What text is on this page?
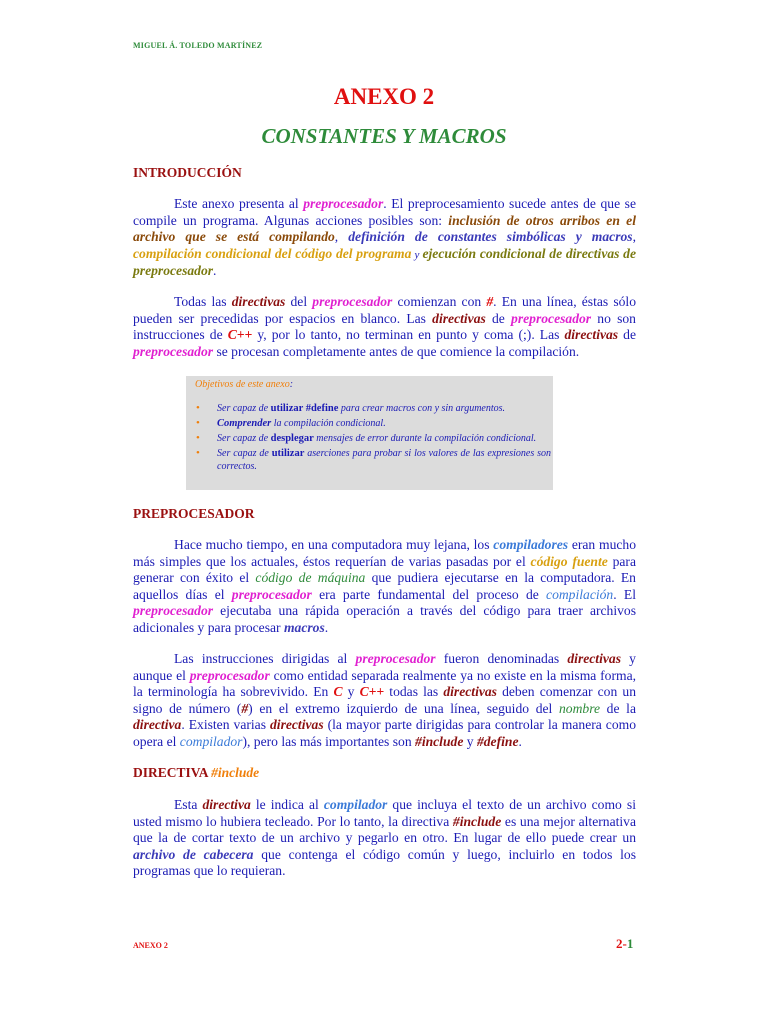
MIGUEL Á. TOLEDO MARTÍNEZ
ANEXO 2
CONSTANTES Y MACROS
INTRODUCCIÓN

Este anexo presenta al preprocesador. El preprocesamiento sucede antes de que se compile un programa. Algunas acciones posibles son: inclusión de otros arribos en el archivo que se está compilando, definición de constantes simbólicas y macros, compilación condicional del código del programa y ejecución condicional de directivas de preprocesador.

Todas las directivas del preprocesador comienzan con #. En una línea, éstas sólo pueden ser precedidas por espacios en blanco. Las directivas de preprocesador no son instrucciones de C++ y, por lo tanto, no terminan en punto y coma (;). Las directivas de preprocesador se procesan completamente antes de que comience la compilación.

Objetivos de este anexo:
• Ser capaz de utilizar #define para crear macros con y sin argumentos.
• Comprender la compilación condicional.
• Ser capaz de desplegar mensajes de error durante la compilación condicional.
• Ser capaz de utilizar aserciones para probar si los valores de las expresiones son correctos.
PREPROCESADOR

Hace mucho tiempo, en una computadora muy lejana, los compiladores eran mucho más simples que los actuales, éstos requerían de varias pasadas por el código fuente para generar con éxito el código de máquina que pudiera ejecutarse en la computadora. En aquellos días el preprocesador era parte fundamental del proceso de compilación. El preprocesador ejecutaba una rápida operación a través del código para traer archivos adicionales y para procesar macros.

Las instrucciones dirigidas al preprocesador fueron denominadas directivas y aunque el preprocesador como entidad separada realmente ya no existe en la misma forma, la terminología ha sobrevivido. En C y C++ todas las directivas deben comenzar con un signo de número (#) en el extremo izquierdo de una línea, seguido del nombre de la directiva. Existen varias directivas (la mayor parte dirigidas para controlar la manera como opera el compilador), pero las más importantes son #include y #define.

DIRECTIVA #include

Esta directiva le indica al compilador que incluya el texto de un archivo como si usted mismo lo hubiera tecleado. Por lo tanto, la directiva #include es una mejor alternativa que la de cortar texto de un archivo y pegarlo en otro. En lugar de ello puede crear un archivo de cabecera que contenga el código común y luego, incluirlo en todos los programas que lo requieran.

ANEXO 2	2-1
